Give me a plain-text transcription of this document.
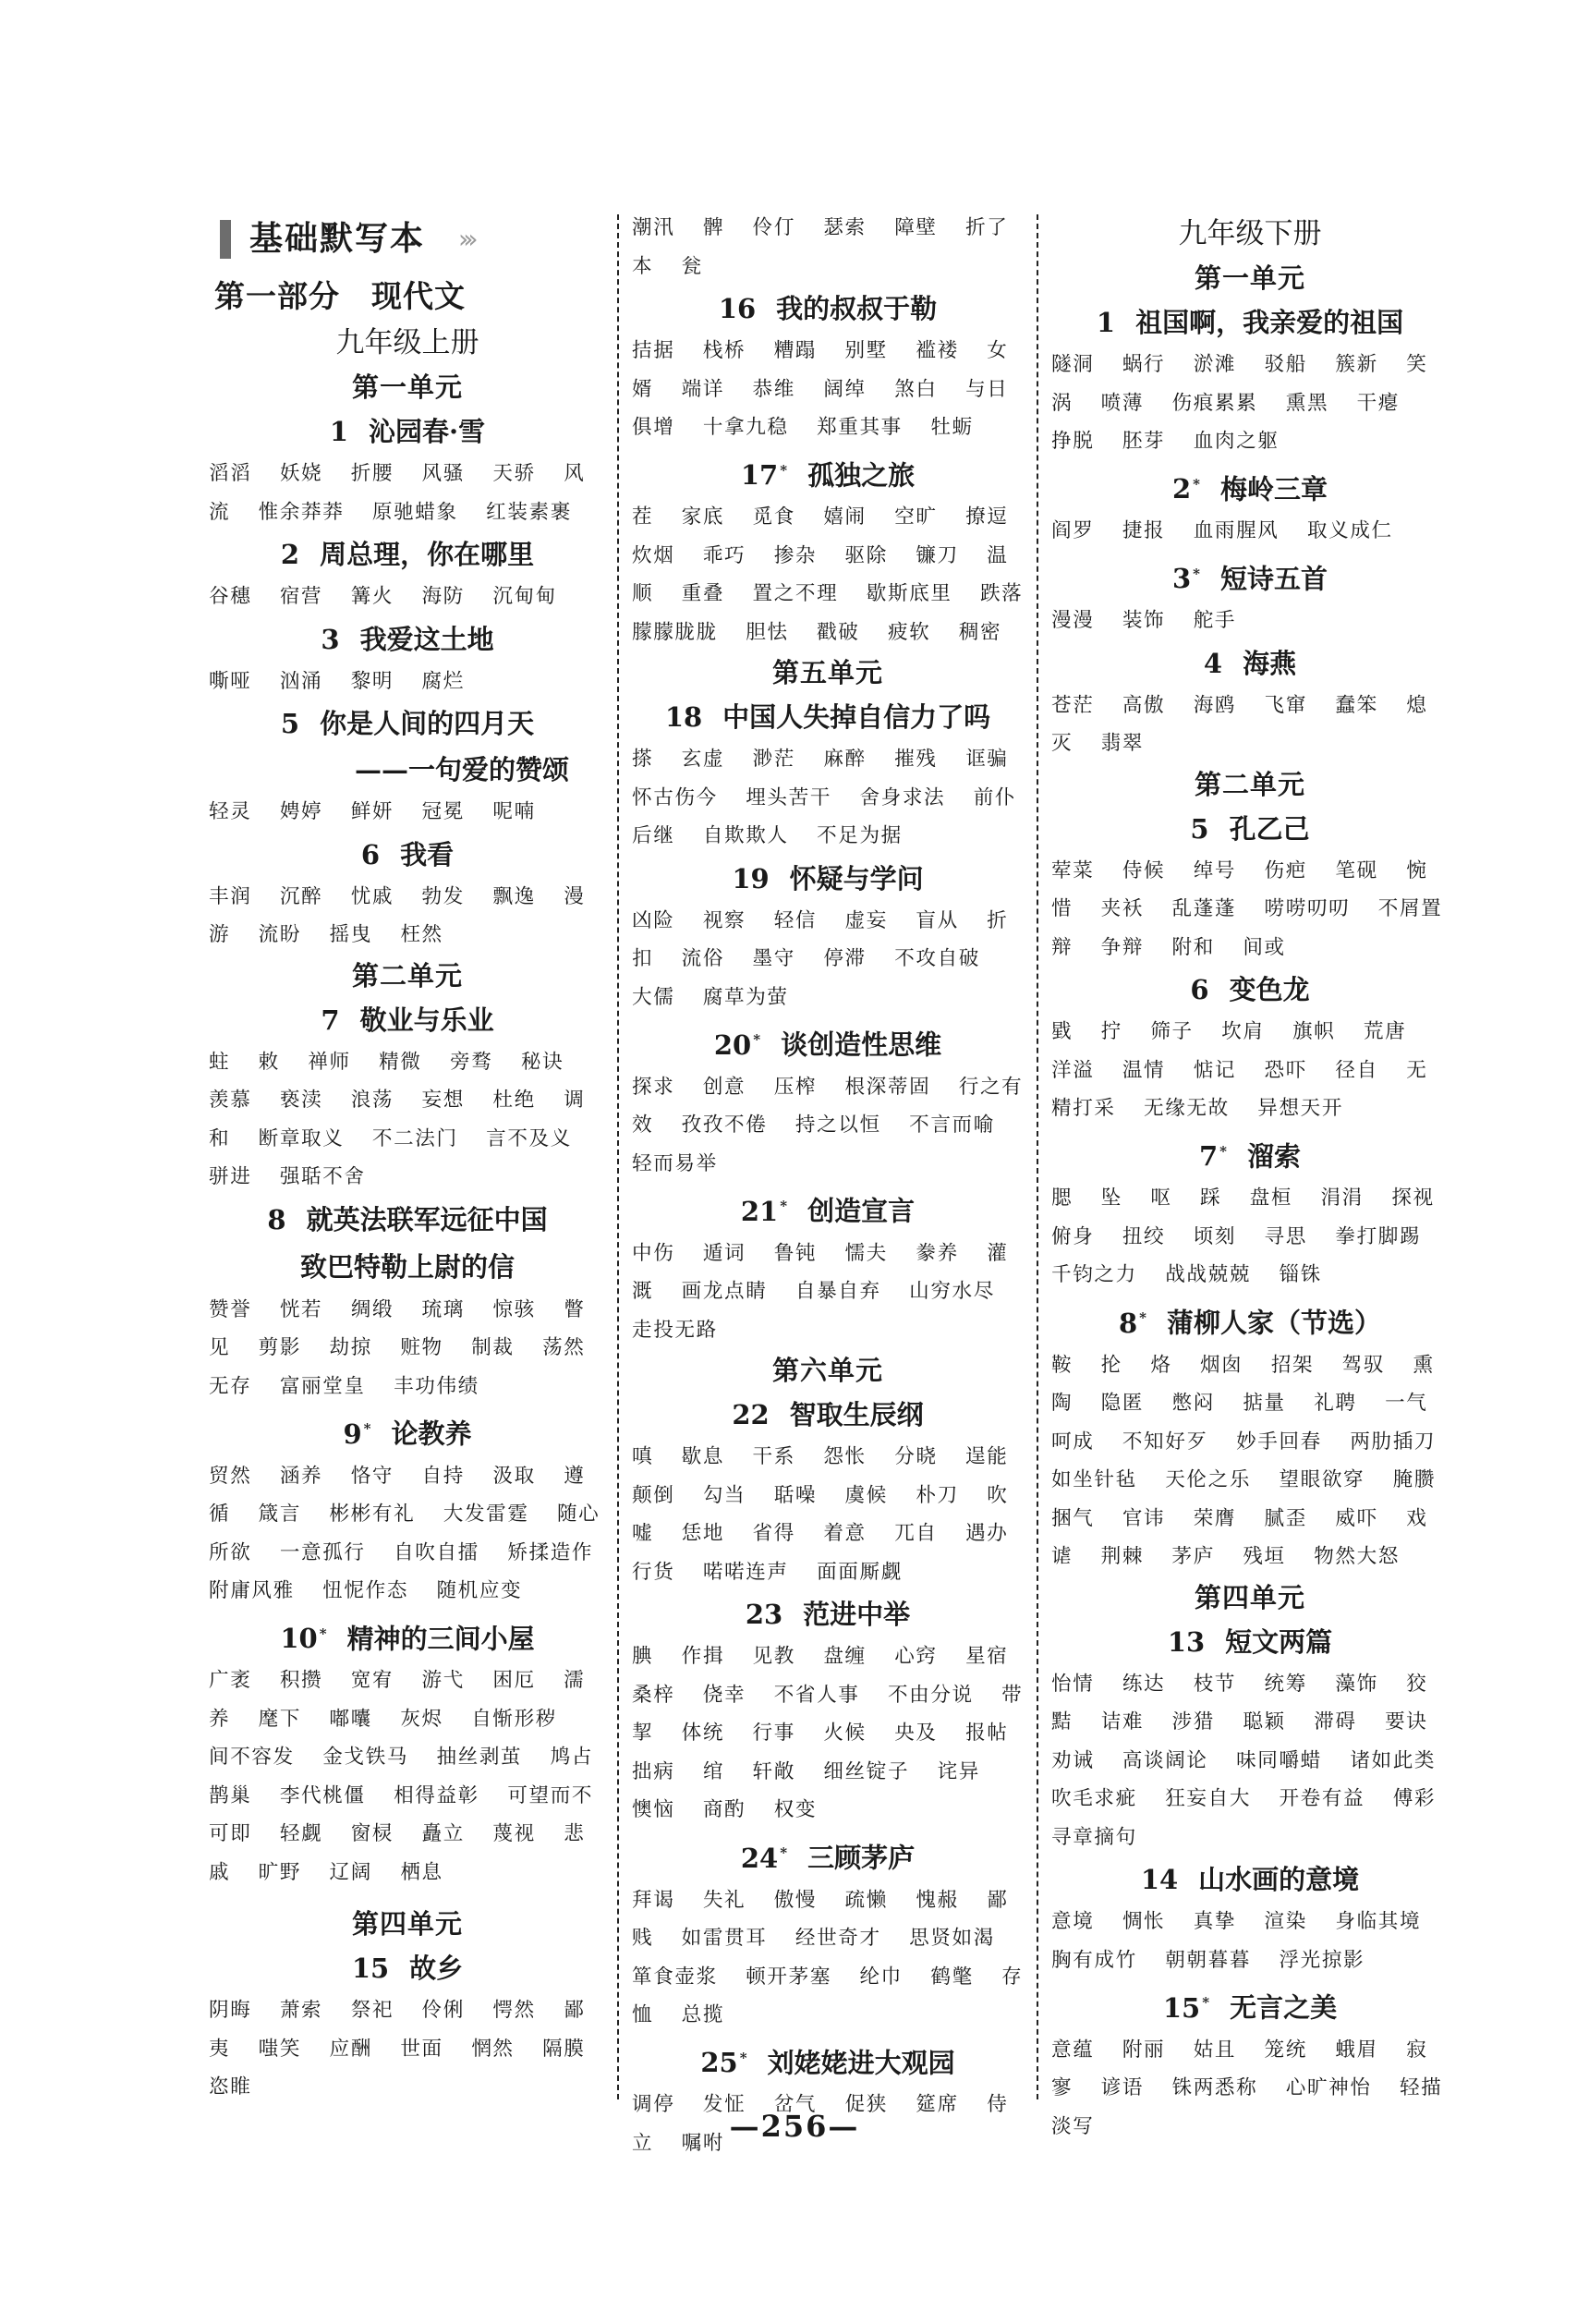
基础默写本 ›››
第一部分　现代文
九年级上册
第一单元
1 沁园春·雪
滔滔 妖娆 折腰 风骚 天骄 风流 惟余莽莽 原驰蜡象 红装素裹
2 周总理，你在哪里
谷穗 宿营 篝火 海防 沉甸甸
3 我爱这土地
嘶哑 汹涌 黎明 腐烂
5 你是人间的四月天
——一句爱的赞颂
轻灵 娉婷 鲜妍 冠冕 呢喃
6 我看
丰润 沉醉 忧戚 勃发 飘逸 漫游 流盼 摇曳 枉然
第二单元
7 敬业与乐业
蛀 敕 禅师 精微 旁骛 秘诀 羡慕 亵渎 浪荡 妄想 杜绝 调和 断章取义 不二法门 言不及义 骈进 强聒不舍
8 就英法联军远征中国
致巴特勒上尉的信
赞誉 恍若 绸缎 琉璃 惊骇 瞥见 剪影 劫掠 赃物 制裁 荡然无存 富丽堂皇 丰功伟绩
9 * 论教养
贸然 涵养 恪守 自持 汲取 遵循 箴言 彬彬有礼 大发雷霆 随心所欲 一意孤行 自吹自擂 矫揉造作 附庸风雅 忸怩作态 随机应变
10 * 精神的三间小屋
广袤 积攒 宽宥 游弋 困厄 濡养 麾下 嘟囔 灰烬 自惭形秽 间不容发 金戈铁马 抽丝剥茧 鸠占鹊巢 李代桃僵 相得益彰 可望而不可即 轻觑 窗棂 矗立 蔑视 悲戚 旷野 辽阔 栖息
第四单元
15 故乡
阴晦 萧索 祭祀 伶俐 愕然 鄙夷 嗤笑 应酬 世面 惘然 隔膜 恣睢
潮汛 髀 伶仃 瑟索 障壁 折了本 瓮
16 我的叔叔于勒
拮据 栈桥 糟蹋 别墅 褴褛 女婿 端详 恭维 阔绰 煞白 与日俱增 十拿九稳 郑重其事 牡蛎
17 * 孤独之旅
茬 家底 觅食 嬉闹 空旷 撩逗 炊烟 乖巧 掺杂 驱除 镰刀 温顺 重叠 置之不理 歇斯底里 跌落 朦朦胧胧 胆怯 戳破 疲软 稠密
第五单元
18 中国人失掉自信力了吗
搽 玄虚 渺茫 麻醉 摧残 诓骗 怀古伤今 埋头苦干 舍身求法 前仆后继 自欺欺人 不足为据
19 怀疑与学问
凶险 视察 轻信 虚妄 盲从 折扣 流俗 墨守 停滞 不攻自破 大儒 腐草为萤
20 * 谈创造性思维
探求 创意 压榨 根深蒂固 行之有效 孜孜不倦 持之以恒 不言而喻 轻而易举
21 * 创造宣言
中伤 遁词 鲁钝 懦夫 豢养 灌溉 画龙点睛 自暴自弃 山穷水尽 走投无路
第六单元
22 智取生辰纲
嗔 歇息 干系 怨怅 分晓 逞能 颠倒 勾当 聒噪 虞候 朴刀 吹嘘 恁地 省得 着意 兀自 遇办 行货 喏喏连声 面面厮觑
23 范进中举
腆 作揖 见教 盘缠 心窍 星宿 桑梓 侥幸 不省人事 不由分说 带挈 体统 行事 火候 央及 报帖 拙病 绾 轩敞 细丝锭子 诧异 懊恼 商酌 权变
24 * 三顾茅庐
拜谒 失礼 傲慢 疏懒 愧赧 鄙贱 如雷贯耳 经世奇才 思贤如渴 箪食壶浆 顿开茅塞 纶巾 鹤氅 存恤 总揽
25 * 刘姥姥进大观园
调停 发怔 岔气 促狭 筵席 侍立 嘱咐
九年级下册
第一单元
1 祖国啊，我亲爱的祖国
隧洞 蜗行 淤滩 驳船 簇新 笑涡 喷薄 伤痕累累 熏黑 干瘪 挣脱 胚芽 血肉之躯
2 * 梅岭三章
阎罗 捷报 血雨腥风 取义成仁
3 * 短诗五首
漫漫 装饰 舵手
4 海燕
苍茫 高傲 海鸥 飞窜 蠢笨 熄灭 翡翠
第二单元
5 孔乙己
荤菜 侍候 绰号 伤疤 笔砚 惋惜 夹袄 乱蓬蓬 唠唠叨叨 不屑置辩 争辩 附和 间或
6 变色龙
戥 拧 筛子 坎肩 旗帜 荒唐 洋溢 温情 惦记 恐吓 径自 无精打采 无缘无故 异想天开
7 * 溜索
腮 坠 呕 踩 盘桓 涓涓 探视 俯身 扭绞 顷刻 寻思 拳打脚踢 千钧之力 战战兢兢 锱铢
8 * 蒲柳人家（节选）
鞍 抡 烙 烟囱 招架 驾驭 熏陶 隐匿 憋闷 掂量 礼聘 一气呵成 不知好歹 妙手回春 两肋插刀 如坐针毡 天伦之乐 望眼欲穿 腌臜 捆气 官讳 荣膺 腻歪 威吓 戏谑 荆棘 茅庐 残垣 物然大怒
第四单元
13 短文两篇
怡情 练达 枝节 统筹 藻饰 狡黠 诘难 涉猎 聪颖 滞碍 要诀 劝诫 高谈阔论 味同嚼蜡 诸如此类 吹毛求疵 狂妄自大 开卷有益 傅彩 寻章摘句
14 山水画的意境
意境 惆怅 真挚 渲染 身临其境 胸有成竹 朝朝暮暮 浮光掠影
15 * 无言之美
意蕴 附丽 姑且 笼统 蛾眉 寂寥 谚语 铢两悉称 心旷神怡 轻描淡写
—256—
